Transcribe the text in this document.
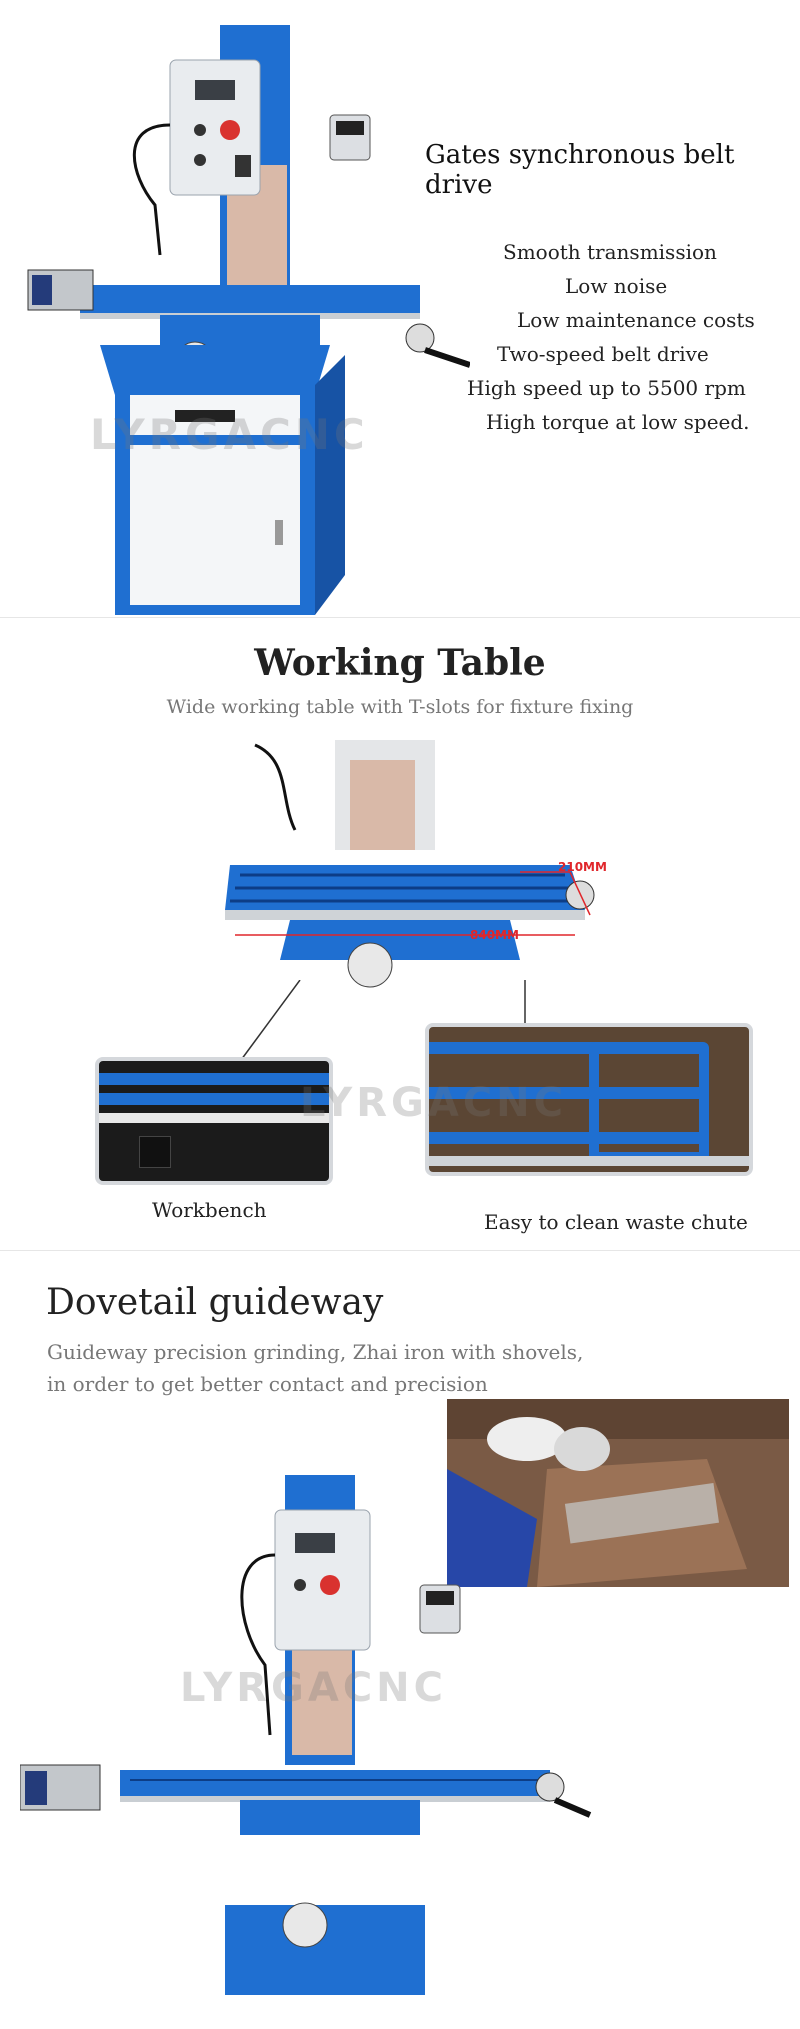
LYRGACNC
Gates synchronous belt drive
Smooth transmission
Low noise
Low maintenance costs
Two-speed belt drive
High speed up to 5500 rpm
High torque at low speed.
Working Table
Wide working table with T-slots for fixture fixing
210MM
840MM
Workbench	Easy to clean waste chute
LYRGACNC
Dovetail guideway
Guideway precision grinding, Zhai iron with shovels,
in order to get better contact and precision
LYRGACNC
